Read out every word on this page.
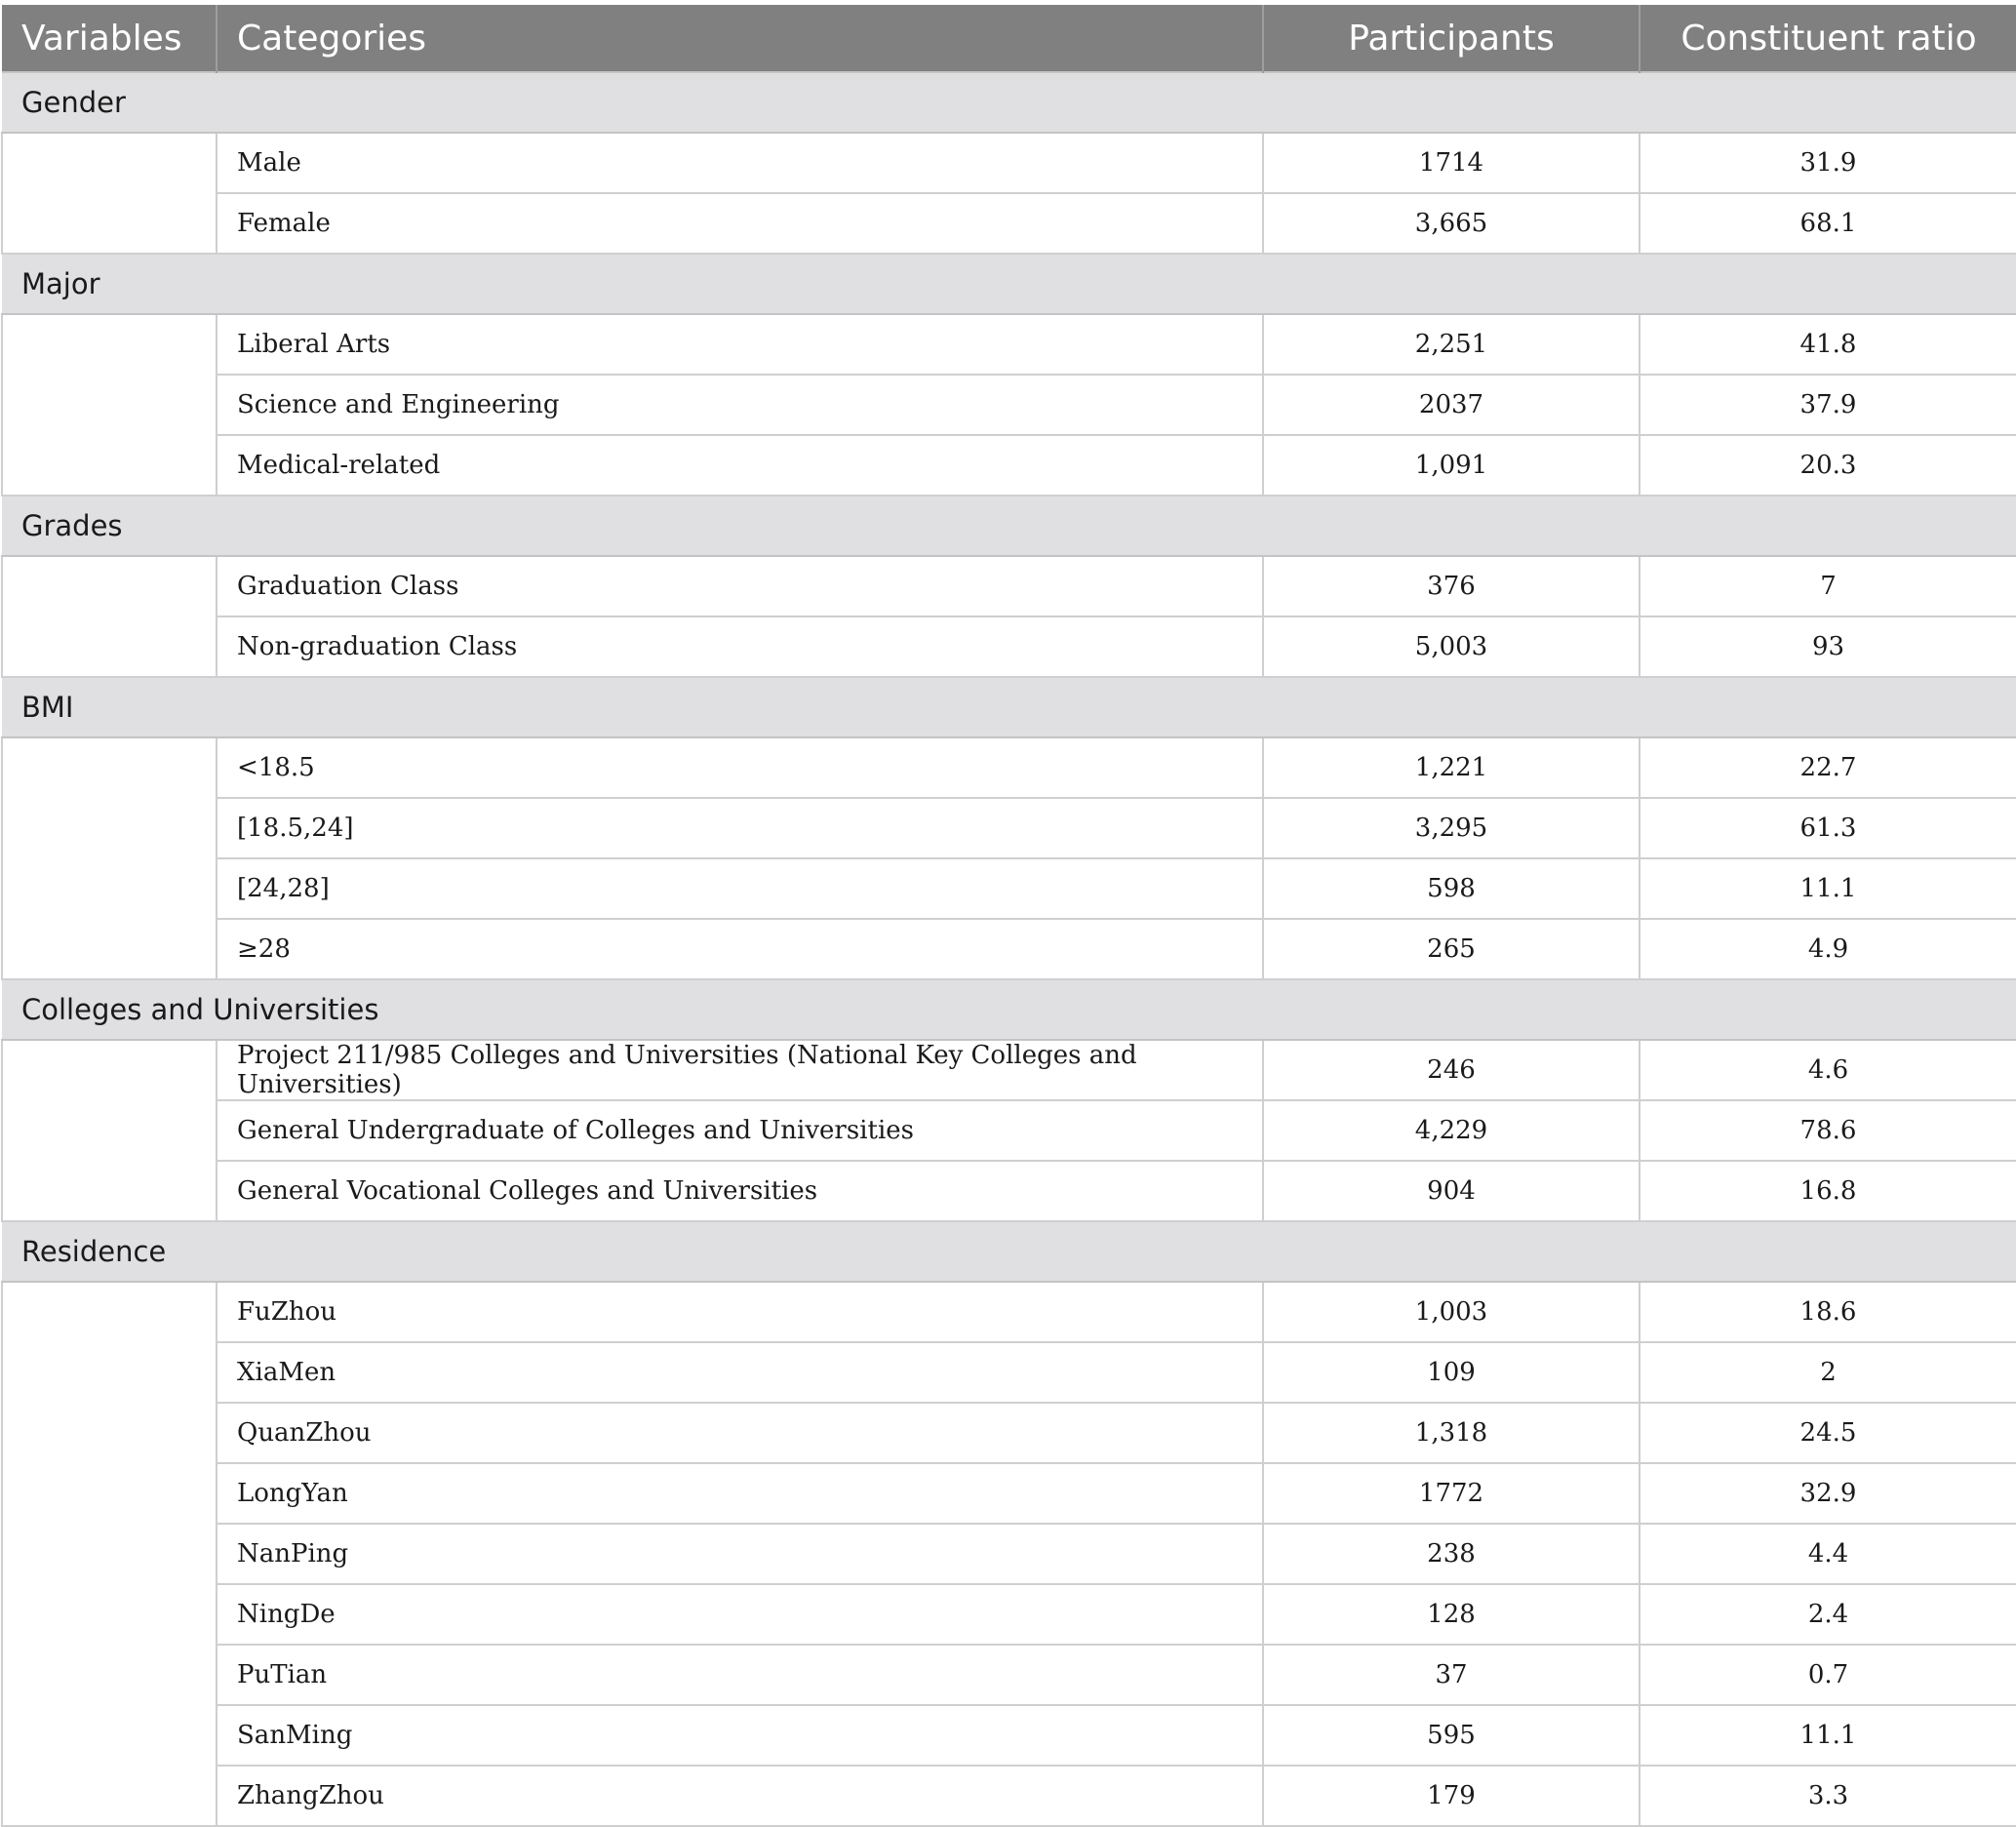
Variables	Categories	Participants	Constituent ratio
Gender			
	Male	1714	31.9
	Female	3,665	68.1
Major			
	Liberal Arts	2,251	41.8
	Science and Engineering	2037	37.9
	Medical-related	1,091	20.3
Grades			
	Graduation Class	376	7
	Non-graduation Class	5,003	93
BMI			
	<18.5	1,221	22.7
	[18.5,24]	3,295	61.3
	[24,28]	598	11.1
	≥28	265	4.9
Colleges and Universities			
	Project 211/985 Colleges and Universities (National Key Colleges and Universities)	246	4.6
	General Undergraduate of Colleges and Universities	4,229	78.6
	General Vocational Colleges and Universities	904	16.8
Residence			
	FuZhou	1,003	18.6
	XiaMen	109	2
	QuanZhou	1,318	24.5
	LongYan	1772	32.9
	NanPing	238	4.4
	NingDe	128	2.4
	PuTian	37	0.7
	SanMing	595	11.1
	ZhangZhou	179	3.3
